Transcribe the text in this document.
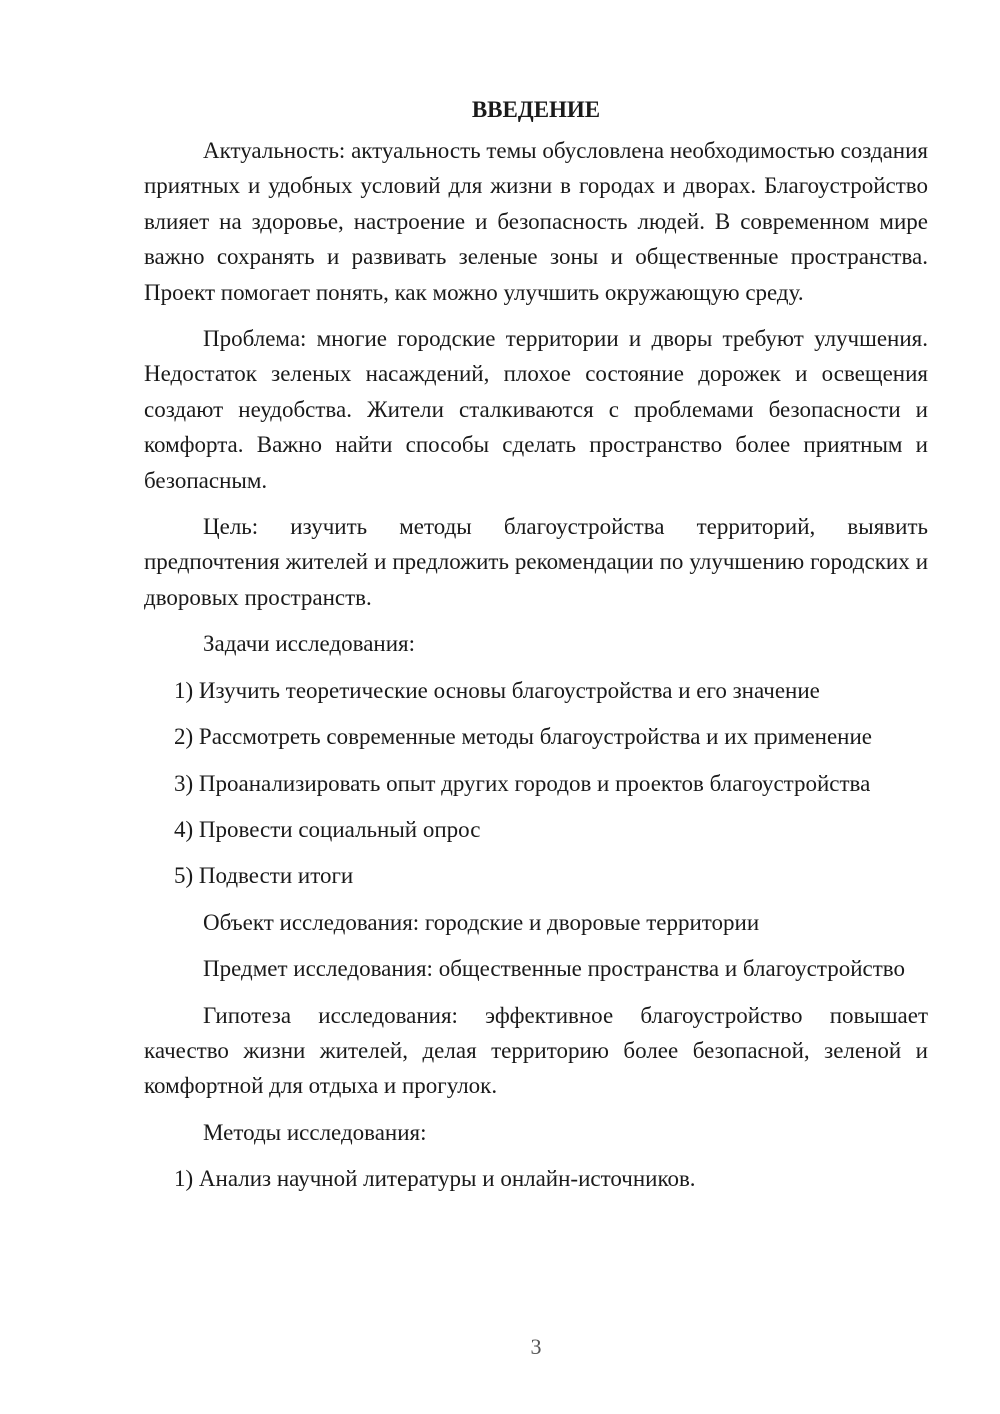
ВВЕДЕНИЕ

Актуальность: актуальность темы обусловлена необходимостью создания приятных и удобных условий для жизни в городах и дворах. Благоустройство влияет на здоровье, настроение и безопасность людей. В современном мире важно сохранять и развивать зеленые зоны и общественные пространства. Проект помогает понять, как можно улучшить окружающую среду.

Проблема: многие городские территории и дворы требуют улучшения. Недостаток зеленых насаждений, плохое состояние дорожек и освещения создают неудобства. Жители сталкиваются с проблемами безопасности и комфорта. Важно найти способы сделать пространство более приятным и безопасным.

Цель: изучить методы благоустройства территорий, выявить предпочтения жителей и предложить рекомендации по улучшению городских и дворовых пространств.

Задачи исследования:

1) Изучить теоретические основы благоустройства и его значение

2) Рассмотреть современные методы благоустройства и их применение

3) Проанализировать опыт других городов и проектов благоустройства

4) Провести социальный опрос

5) Подвести итоги

Объект исследования: городские и дворовые территории

Предмет исследования: общественные пространства и благоустройство

Гипотеза исследования: эффективное благоустройство повышает качество жизни жителей, делая территорию более безопасной, зеленой и комфортной для отдыха и прогулок.

Методы исследования:

1) Анализ научной литературы и онлайн-источников.

3
